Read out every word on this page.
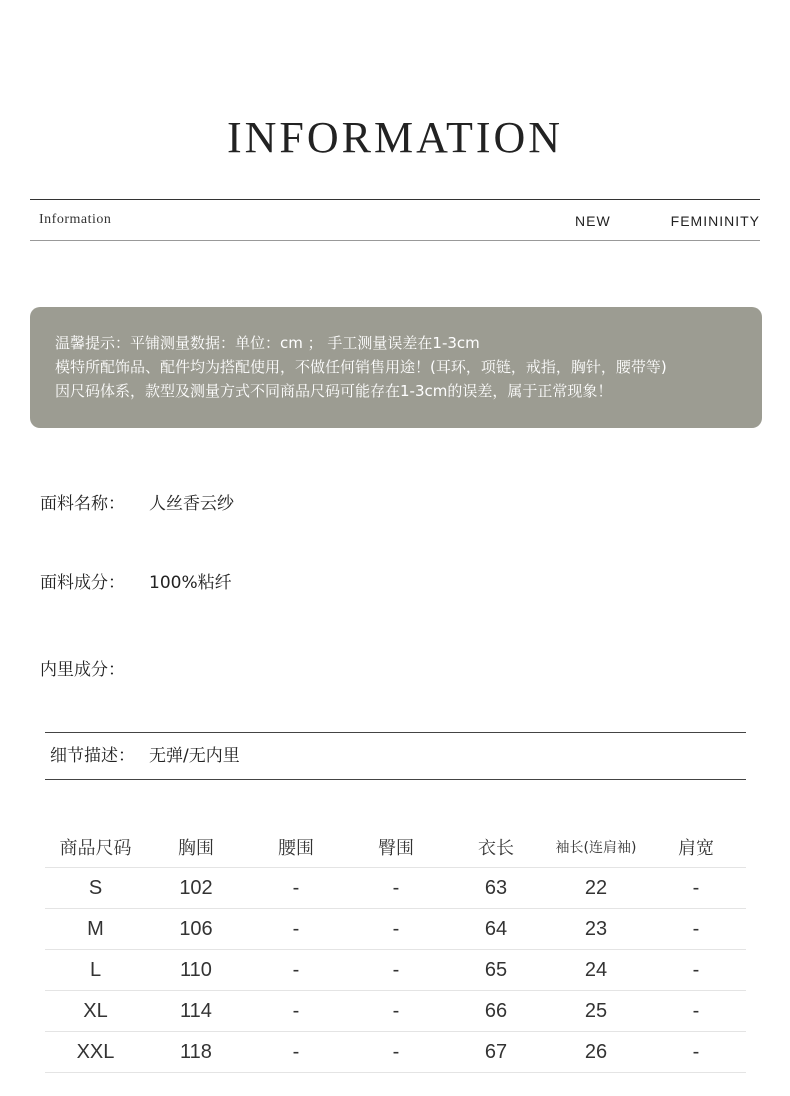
INFORMATION
Information	NEW	FEMININITY
温馨提示：平铺测量数据：单位：cm ； 手工测量误差在1-3cm
模特所配饰品、配件均为搭配使用，不做任何销售用途！(耳环，项链，戒指，胸针，腰带等)
因尺码体系，款型及测量方式不同商品尺码可能存在1-3cm的误差，属于正常现象！
面料名称： 人丝香云纱
面料成分： 100%粘纤
内里成分：
细节描述： 无弹/无内里
商品尺码	胸围	腰围	臀围	衣长	袖长(连肩袖)	肩宽
S	102	-	-	63	22	-
M	106	-	-	64	23	-
L	110	-	-	65	24	-
XL	114	-	-	66	25	-
XXL	118	-	-	67	26	-
